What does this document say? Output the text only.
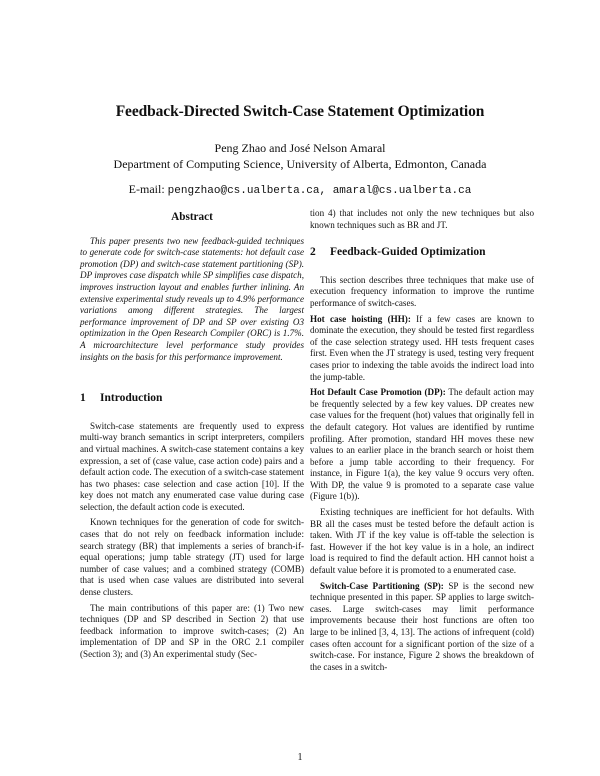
Feedback-Directed Switch-Case Statement Optimization
Peng Zhao and José Nelson Amaral
Department of Computing Science, University of Alberta, Edmonton, Canada
E-mail: pengzhao@cs.ualberta.ca, amaral@cs.ualberta.ca
Abstract

This paper presents two new feedback-guided techniques to generate code for switch-case statements: hot default case promotion (DP) and switch-case statement partitioning (SP). DP improves case dispatch while SP simplifies case dispatch, improves instruction layout and enables further inlining. An extensive experimental study reveals up to 4.9% performance variations among different strategies. The largest performance improvement of DP and SP over existing O3 optimization in the Open Research Compiler (ORC) is 1.7%. A microarchitecture level performance study provides insights on the basis for this performance improvement.

1 Introduction

Switch-case statements are frequently used to express multi-way branch semantics in script interpreters, compilers and virtual machines. A switch-case statement contains a key expression, a set of (case value, case action code) pairs and a default action code. The execution of a switch-case statement has two phases: case selection and case action [10]. If the key does not match any enumerated case value during case selection, the default action code is executed.

Known techniques for the generation of code for switch-cases that do not rely on feedback information include: search strategy (BR) that implements a series of branch-if-equal operations; jump table strategy (JT) used for large number of case values; and a combined strategy (COMB) that is used when case values are distributed into several dense clusters.

The main contributions of this paper are: (1) Two new techniques (DP and SP described in Section 2) that use feedback information to improve switch-cases; (2) An implementation of DP and SP in the ORC 2.1 compiler (Section 3); and (3) An experimental study (Sec-

tion 4) that includes not only the new techniques but also known techniques such as BR and JT.

2 Feedback-Guided Optimization

This section describes three techniques that make use of execution frequency information to improve the runtime performance of switch-cases.

Hot case hoisting (HH): If a few cases are known to dominate the execution, they should be tested first regardless of the case selection strategy used. HH tests frequent cases first. Even when the JT strategy is used, testing very frequent cases prior to indexing the table avoids the indirect load into the jump-table.

Hot Default Case Promotion (DP): The default action may be frequently selected by a few key values. DP creates new case values for the frequent (hot) values that originally fell in the default category. Hot values are identified by runtime profiling. After promotion, standard HH moves these new values to an earlier place in the branch search or hoist them before a jump table according to their frequency. For instance, in Figure 1(a), the key value 9 occurs very often. With DP, the value 9 is promoted to a separate case value (Figure 1(b)).

Existing techniques are inefficient for hot defaults. With BR all the cases must be tested before the default action is taken. With JT if the key value is off-table the selection is fast. However if the hot key value is in a hole, an indirect load is required to find the default action. HH cannot hoist a default value before it is promoted to a enumerated case.

Switch-Case Partitioning (SP): SP is the second new technique presented in this paper. SP applies to large switch-cases. Large switch-cases may limit performance improvements because their host functions are often too large to be inlined [3, 4, 13]. The actions of infrequent (cold) cases often account for a significant portion of the size of a switch-case. For instance, Figure 2 shows the breakdown of the cases in a switch-

1
